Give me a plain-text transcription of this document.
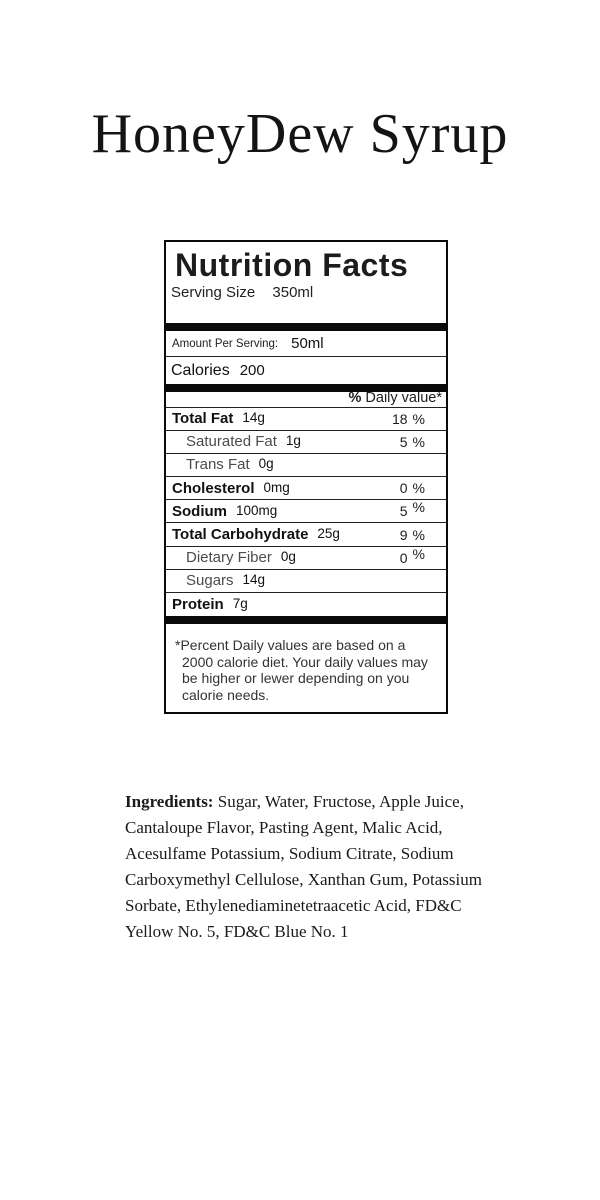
HoneyDew Syrup
Nutrition Facts
Serving Size 350ml
Amount Per Serving: 50ml
Calories 200
% Daily value*
Total Fat 14g	18 %
Saturated Fat 1g	5 %
Trans Fat 0g
Cholesterol 0mg	0 %
Sodium 100mg	5 %
Total Carbohydrate 25g	9 %
Dietary Fiber 0g	0 %
Sugars 14g
Protein 7g
*Percent Daily values are based on a 2000 calorie diet. Your daily values may be higher or lewer depending on you calorie needs.

Ingredients: Sugar, Water, Fructose, Apple Juice, Cantaloupe Flavor, Pasting Agent, Malic Acid, Acesulfame Potassium, Sodium Citrate, Sodium Carboxymethyl Cellulose, Xanthan Gum, Potassium Sorbate, Ethylenediaminetetraacetic Acid, FD&C Yellow No. 5, FD&C Blue No. 1
